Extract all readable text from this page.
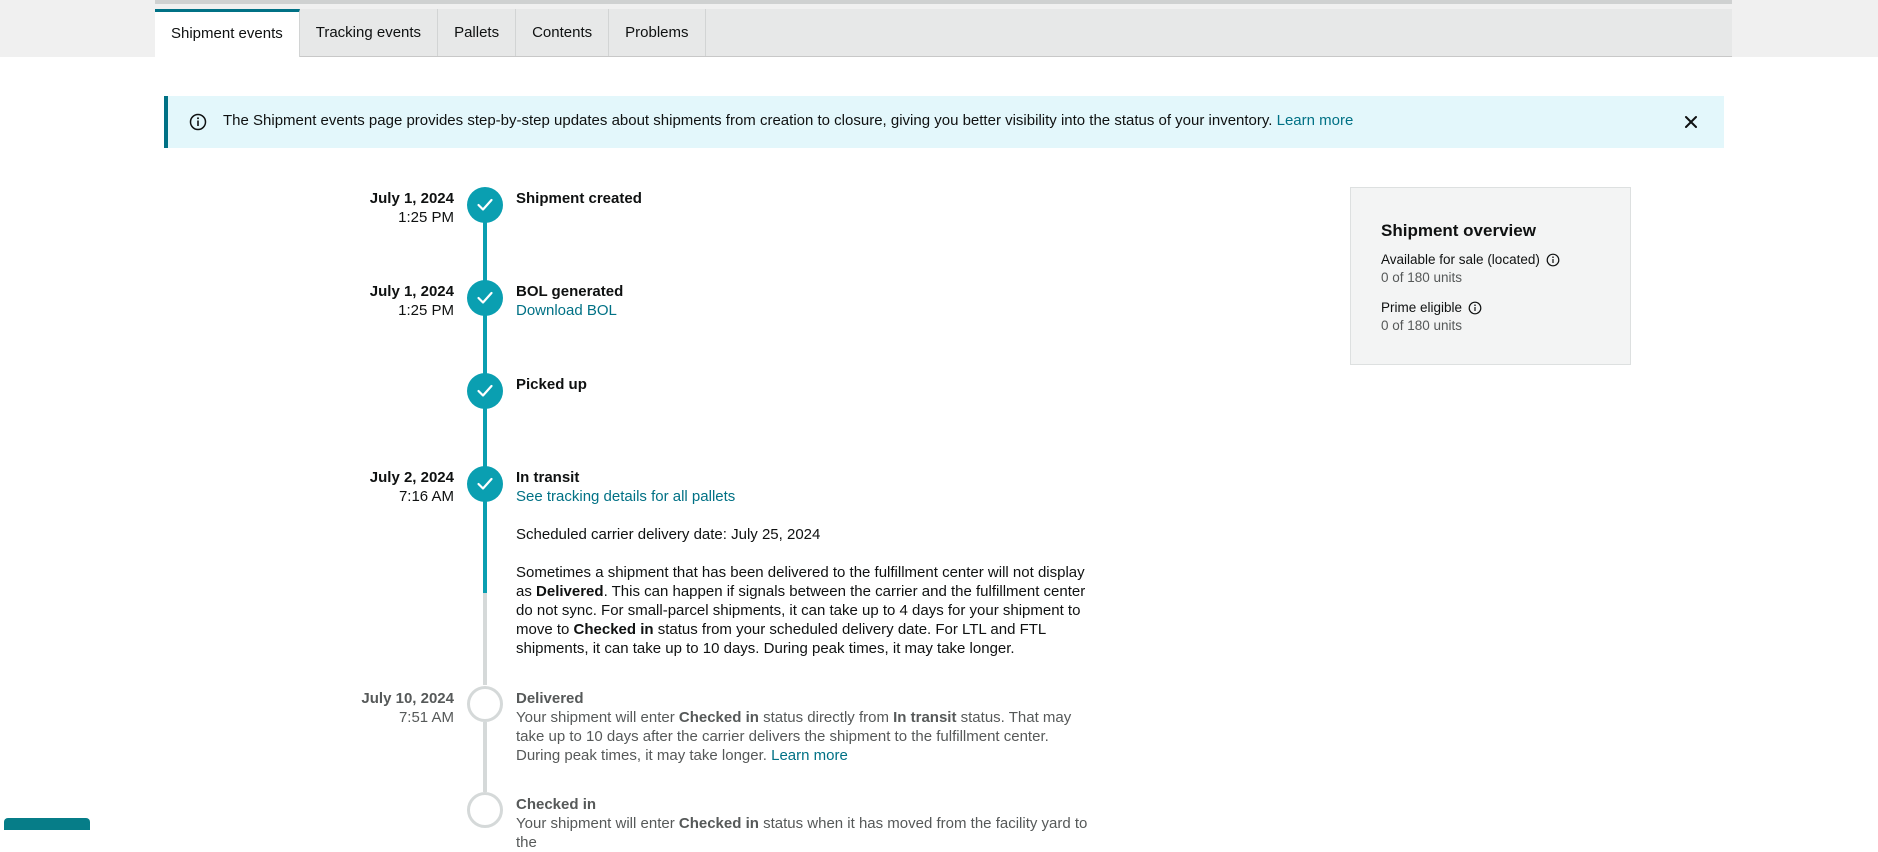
Shipment events	Tracking events	Pallets	Contents	Problems
The Shipment events page provides step-by-step updates about shipments from creation to closure, giving you better visibility into the status of your inventory. Learn more
July 1, 2024
1:25 PM
Shipment created
July 1, 2024
1:25 PM
BOL generated
Download BOL
Picked up
July 2, 2024
7:16 AM
In transit
See tracking details for all pallets

Scheduled carrier delivery date: July 25, 2024

Sometimes a shipment that has been delivered to the fulfillment center will not display as Delivered. This can happen if signals between the carrier and the fulfillment center do not sync. For small-parcel shipments, it can take up to 4 days for your shipment to move to Checked in status from your scheduled delivery date. For LTL and FTL shipments, it can take up to 10 days. During peak times, it may take longer.

July 10, 2024
7:51 AM
Delivered
Your shipment will enter Checked in status directly from In transit status. That may take up to 10 days after the carrier delivers the shipment to the fulfillment center. During peak times, it may take longer. Learn more
Checked in
Your shipment will enter Checked in status when it has moved from the facility yard to the
Shipment overview
Available for sale (located)
0 of 180 units
Prime eligible
0 of 180 units
